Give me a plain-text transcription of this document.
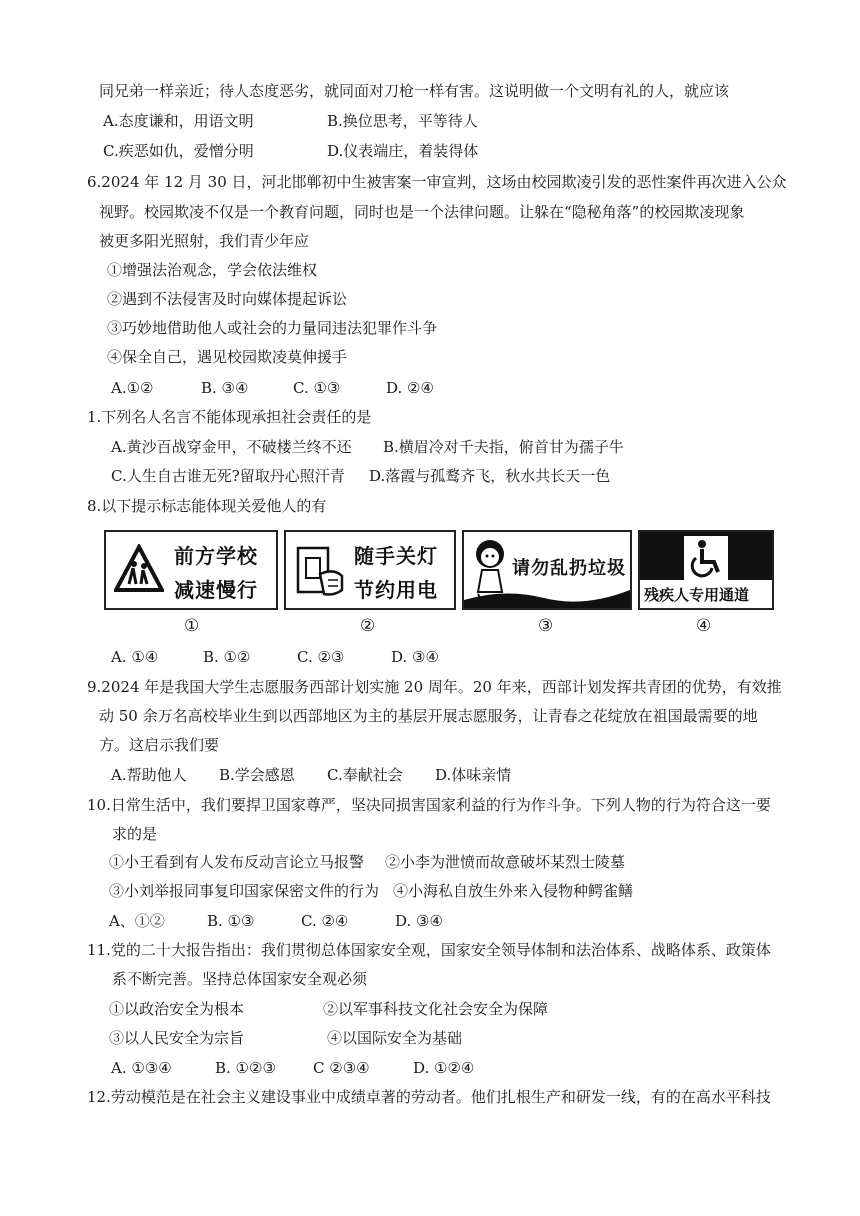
同兄弟一样亲近；待人态度恶劣，就同面对刀枪一样有害。这说明做一个文明有礼的人，就应该
A.态度谦和，用语文明	B.换位思考，平等待人
C.疾恶如仇，爱憎分明	D.仪表端庄，着装得体
6.2024 年 12 月 30 日，河北邯郸初中生被害案一审宣判，这场由校园欺凌引发的恶性案件再次进入公众
视野。校园欺凌不仅是一个教育问题，同时也是一个法律问题。让躲在“隐秘角落”的校园欺凌现象
被更多阳光照射，我们青少年应
①增强法治观念，学会依法维权
②遇到不法侵害及时向媒体提起诉讼
③巧妙地借助他人或社会的力量同违法犯罪作斗争
④保全自己，遇见校园欺凌莫伸援手
A.①②	B. ③④	C. ①③	D. ②④
1.下列名人名言不能体现承担社会责任的是
A.黄沙百战穿金甲，不破楼兰终不还 B.横眉冷对千夫指，俯首甘为孺子牛
C.人生自古谁无死?留取丹心照汗青 D.落霞与孤鹜齐飞，秋水共长天一色
8.以下提示标志能体现关爱他人的有
前方学校
减速慢行
①
随手关灯
节约用电
②
请勿乱扔垃圾
③
残疾人专用通道
④
A. ①④	B. ①②	C. ②③	D. ③④
9.2024 年是我国大学生志愿服务西部计划实施 20 周年。20 年来，西部计划发挥共青团的优势，有效推
动 50 余万名高校毕业生到以西部地区为主的基层开展志愿服务，让青春之花绽放在祖国最需要的地
方。这启示我们要
A.帮助他人 B.学会感恩 C.奉献社会 D.体味亲情
10.日常生活中，我们要捍卫国家尊严，坚决同损害国家利益的行为作斗争。下列人物的行为符合这一要
求的是
①小王看到有人发布反动言论立马报警 ②小李为泄愤而故意破坏某烈士陵墓
③小刘举报同事复印国家保密文件的行为 ④小海私自放生外来入侵物种鳄雀鳝
A、①②	B. ①③	C. ②④	D. ③④
11.党的二十大报告指出：我们贯彻总体国家安全观，国家安全领导体制和法治体系、战略体系、政策体
系不断完善。坚持总体国家安全观必须
①以政治安全为根本	②以军事科技文化社会安全为保障
③以人民安全为宗旨	④以国际安全为基础
A. ①③④	B. ①②③ C ②③④	D. ①②④
12.劳动模范是在社会主义建设事业中成绩卓著的劳动者。他们扎根生产和研发一线，有的在高水平科技
